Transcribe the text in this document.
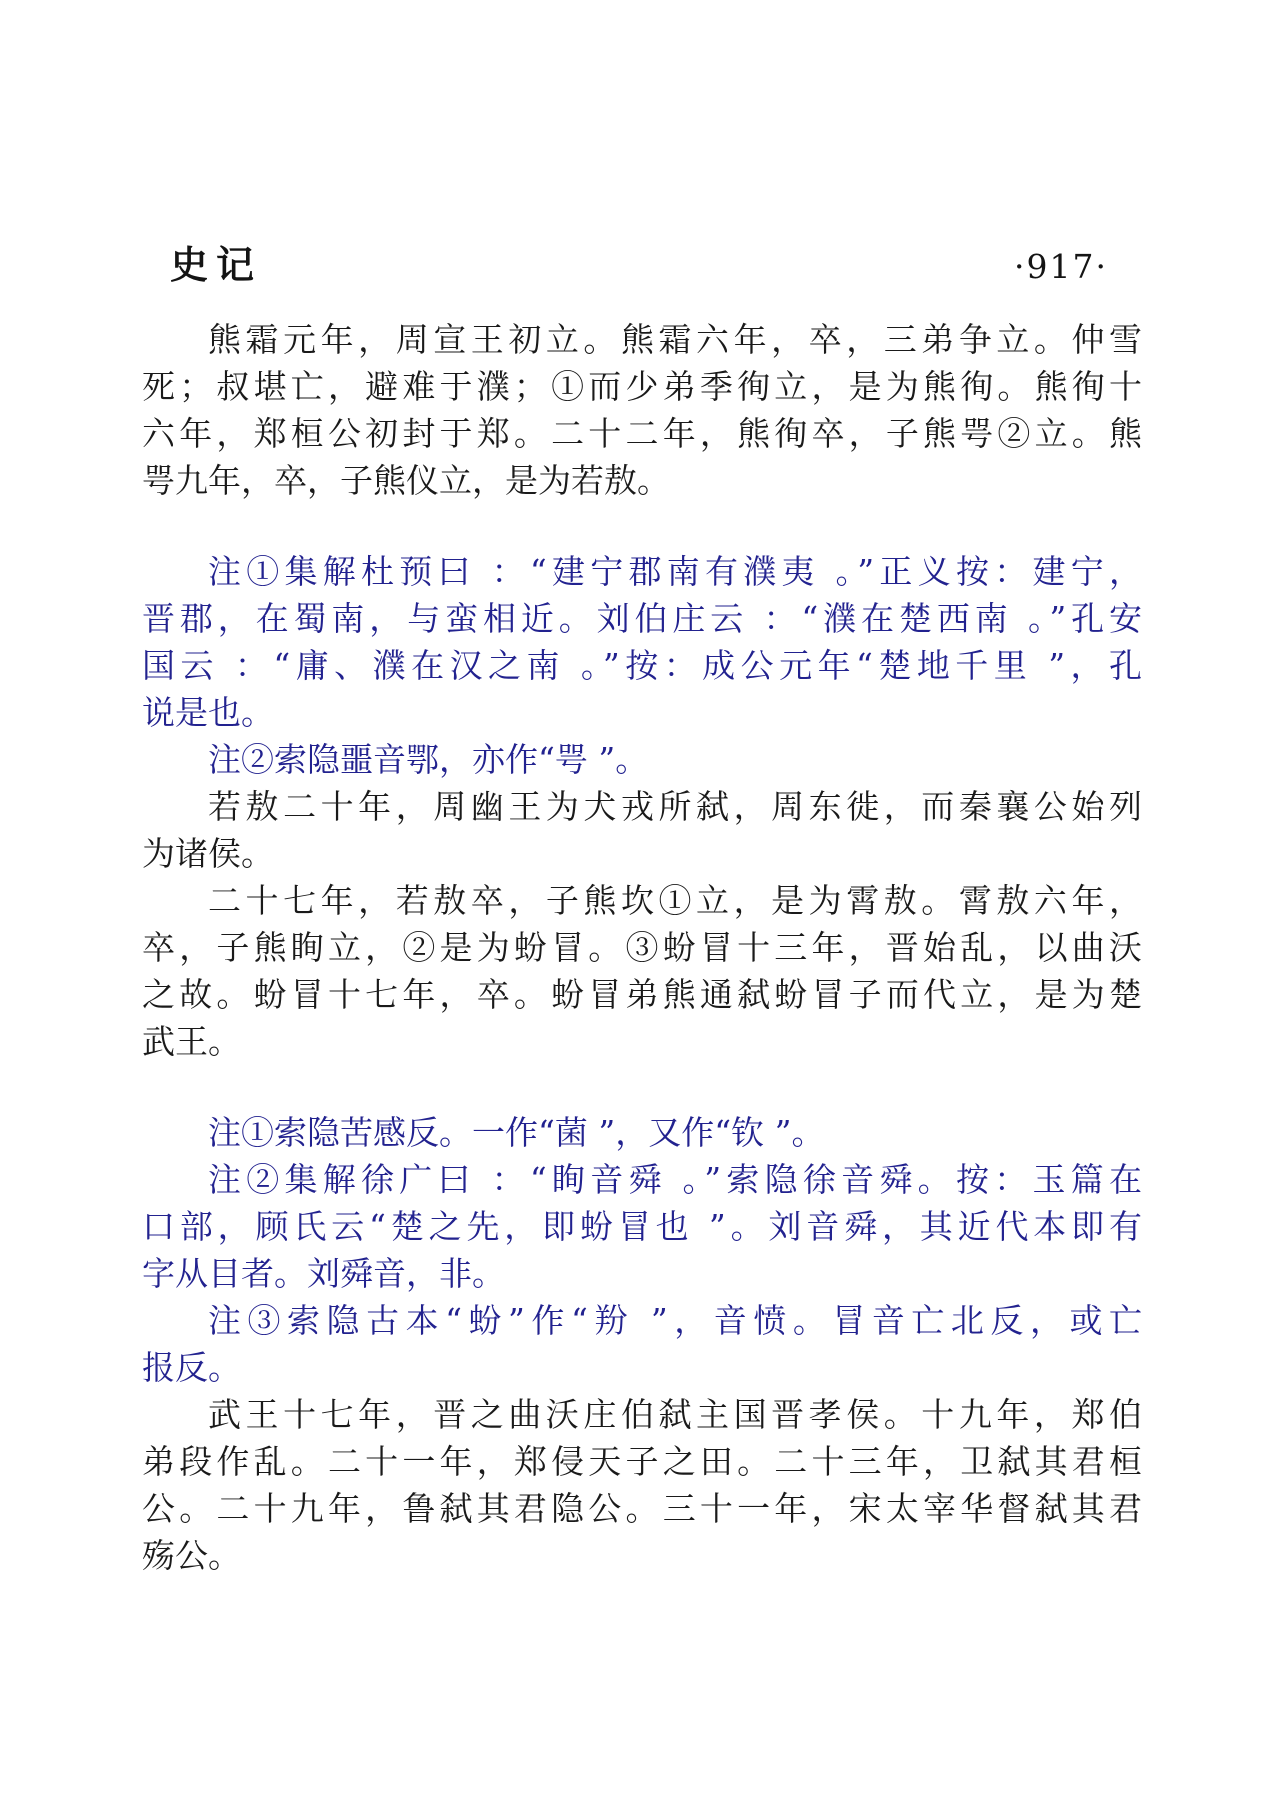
史记	·917·
熊霜元年，周宣王初立。熊霜六年，卒，三弟争立。仲雪
死；叔堪亡，避难于濮；①而少弟季徇立，是为熊徇。熊徇十
六年，郑桓公初封于郑。二十二年，熊徇卒，子熊咢②立。熊
咢九年，卒，子熊仪立，是为若敖。
注①集解杜预曰 ：“建宁郡南有濮夷 。”正义按：建宁，
晋郡，在蜀南，与蛮相近。刘伯庄云 ：“濮在楚西南 。”孔安
国云 ：“庸、濮在汉之南 。”按：成公元年“楚地千里 ”，孔
说是也。
注②索隐噩音鄂，亦作“咢 ”。
若敖二十年，周幽王为犬戎所弑，周东徙，而秦襄公始列
为诸侯。
二十七年，若敖卒，子熊坎①立，是为霄敖。霄敖六年，
卒，子熊眴立，②是为蚡冒。③蚡冒十三年，晋始乱，以曲沃
之故。蚡冒十七年，卒。蚡冒弟熊通弑蚡冒子而代立，是为楚
武王。
注①索隐苦感反。一作“菌 ”，又作“钦 ”。
注②集解徐广曰 ：“眴音舜 。”索隐徐音舜。按：玉篇在
口部，顾氏云“楚之先，即蚡冒也 ”。刘音舜，其近代本即有
字从目者。刘舜音，非。
注③索隐古本“蚡”作“羒 ”，音愤。冒音亡北反，或亡
报反。
武王十七年，晋之曲沃庄伯弑主国晋孝侯。十九年，郑伯
弟段作乱。二十一年，郑侵天子之田。二十三年，卫弑其君桓
公。二十九年，鲁弑其君隐公。三十一年，宋太宰华督弑其君
殇公。
